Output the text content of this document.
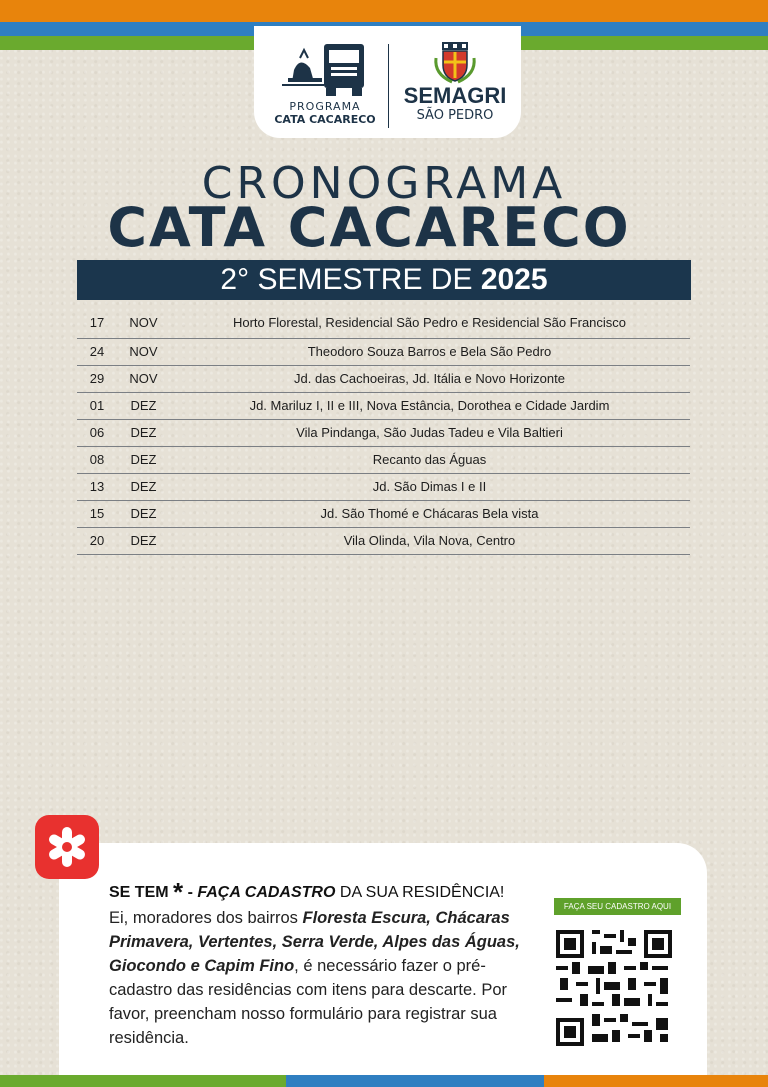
PROGRAMA
CATA CACARECO
SEMAGRI
SÃO PEDRO
CRONOGRAMA
CATA CACARECO
2° SEMESTRE DE 2025
17	NOV	Horto Florestal, Residencial São Pedro e Residencial São Francisco
24	NOV	Theodoro Souza Barros e Bela São Pedro
29	NOV	Jd. das Cachoeiras, Jd. Itália e Novo Horizonte
01	DEZ	Jd. Mariluz I, II e III, Nova Estância, Dorothea e Cidade Jardim
06	DEZ	Vila Pindanga, São Judas Tadeu e Vila Baltieri
08	DEZ	Recanto das Águas
13	DEZ	Jd. São Dimas I e II
15	DEZ	Jd. São Thomé e Chácaras Bela vista
20	DEZ	Vila Olinda, Vila Nova, Centro
SE TEM * - FAÇA CADASTRO DA SUA RESIDÊNCIA!
Ei, moradores dos bairros Floresta Escura, Chácaras Primavera, Vertentes, Serra Verde, Alpes das Águas, Giocondo e Capim Fino, é necessário fazer o pré-cadastro das residências com itens para descarte. Por favor, preencham nosso formulário para registrar sua residência.
FAÇA SEU CADASTRO AQUI
